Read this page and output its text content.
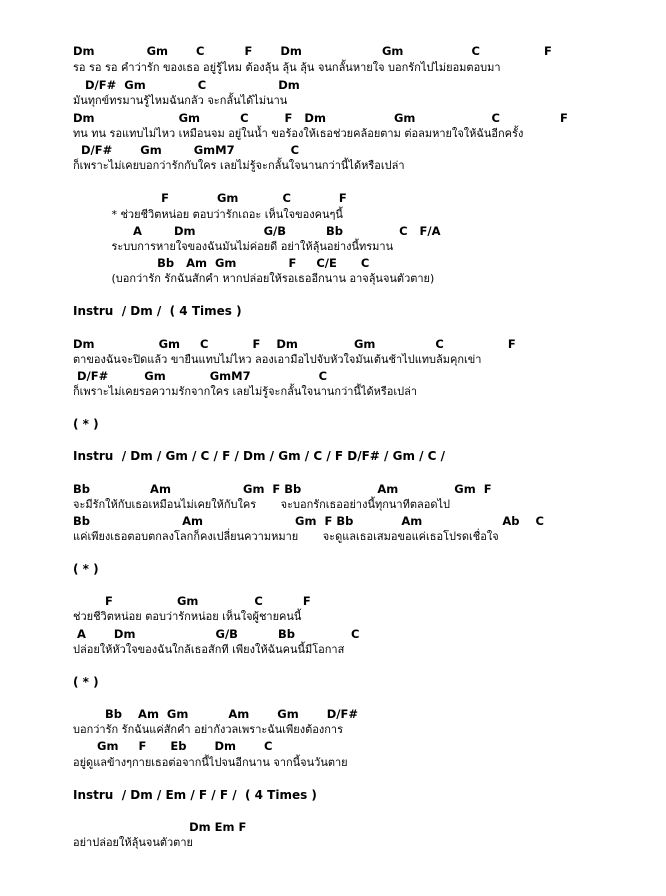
Dm             Gm       C          F       Dm                    Gm                 C                F
รอ รอ รอ คำว่ารัก ของเธอ อยู่รู้ไหม ต้องลุ้น ลุ้น ลุ้น จนกลั้นหายใจ บอกรักไปไม่ยอมตอบมา
D/F#  Gm             C                  Dm
มันทุกข์ทรมานรู้ไหมฉันกลัว จะกลั้นได้ไม่นาน
Dm                     Gm          C         F   Dm                 Gm                   C               F
ทน ทน รอแทบไม่ไหว เหมือนจม อยู่ในน้ำ ขอร้องให้เธอช่วยคล้อยตาม ต่อลมหายใจให้ฉันอีกครั้ง
D/F#       Gm        GmM7              C
ก็เพราะไม่เคยบอกว่ารักกับใคร เลยไม่รู้จะกลั้นใจนานกว่านี้ได้หรือเปล่า
F            Gm           C            F
* ช่วยชีวิตหน่อย ตอบว่ารักเถอะ เห็นใจของคนๆนี้
A        Dm                 G/B          Bb              C   F/A
ระบบการหายใจของฉันมันไม่ค่อยดี อย่าให้ลุ้นอย่างนี้ทรมาน
Bb   Am  Gm             F     C/E      C
(บอกว่ารัก รักฉันสักคำ หากปล่อยให้รอเธออีกนาน อาจลุ้นจนตัวตาย)
Instru  / Dm /  ( 4 Times )
Dm                Gm     C           F    Dm              Gm               C                F
ตาของฉันจะปิดแล้ว ขายืนแทบไม่ไหว ลองเอามือไปจับหัวใจมันเต้นช้าไปแทบล้มคุกเข่า
D/F#         Gm           GmM7                 C
ก็เพราะไม่เคยรอความรักจากใคร เลยไม่รู้จะกลั้นใจนานกว่านี้ได้หรือเปล่า
( * )
Instru  / Dm / Gm / C / F / Dm / Gm / C / F D/F# / Gm / C /
Bb               Am                  Gm  F Bb                   Am              Gm  F
จะมีรักให้กับเธอเหมือนไม่เคยให้กับใคร       จะบอกรักเธออย่างนี้ทุกนาทีตลอดไป
Bb                       Am                       Gm  F Bb            Am                    Ab    C
แค่เพียงเธอตอบตกลงโลกก็คงเปลี่ยนความหมาย       จะดูแลเธอเสมอขอแค่เธอโปรดเชื่อใจ
( * )
F                Gm              C          F
ช่วยชีวิตหน่อย ตอบว่ารักหน่อย เห็นใจผู้ชายคนนี้
A       Dm                    G/B          Bb              C
ปล่อยให้หัวใจของฉันใกล้เธอสักที เพียงให้ฉันคนนี้มีโอกาส
( * )
Bb    Am  Gm          Am       Gm       D/F#
บอกว่ารัก รักฉันแค่สักคำ อย่ากังวลเพราะฉันเพียงต้องการ
Gm     F      Eb       Dm       C
อยู่ดูแลข้างๆกายเธอต่อจากนี้ไปจนอีกนาน จากนี้จนวันตาย
Instru  / Dm / Em / F / F /  ( 4 Times )
Dm Em F
อย่าปล่อยให้ลุ้นจนตัวตาย
